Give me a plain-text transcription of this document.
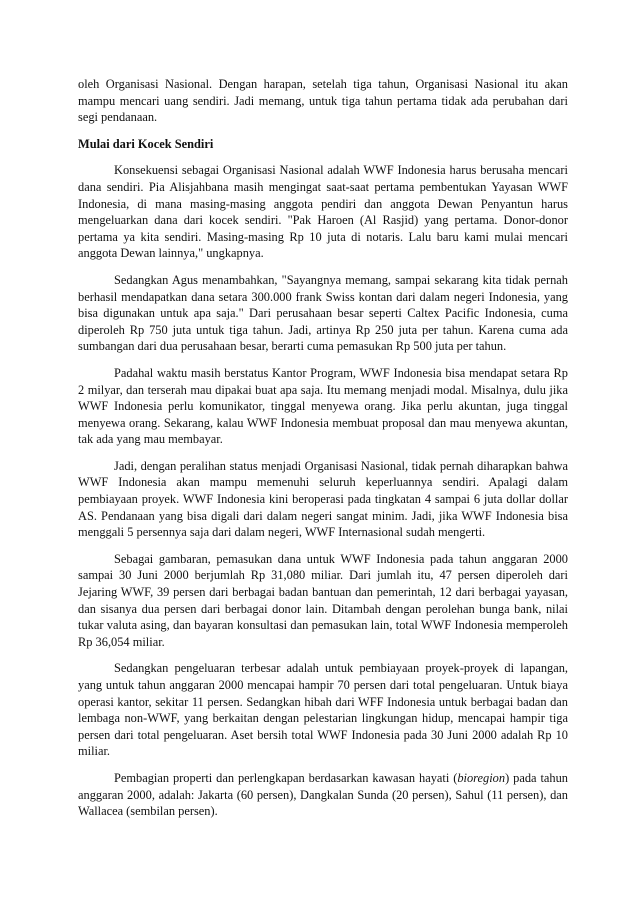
oleh Organisasi Nasional. Dengan harapan, setelah tiga tahun, Organisasi Nasional itu akan mampu mencari uang sendiri. Jadi memang, untuk tiga tahun pertama tidak ada perubahan dari segi pendanaan.

Mulai dari Kocek Sendiri

Konsekuensi sebagai Organisasi Nasional adalah WWF Indonesia harus berusaha mencari dana sendiri. Pia Alisjahbana masih mengingat saat-saat pertama pembentukan Yayasan WWF Indonesia, di mana masing-masing anggota pendiri dan anggota Dewan Penyantun harus mengeluarkan dana dari kocek sendiri. "Pak Haroen (Al Rasjid) yang pertama. Donor-donor pertama ya kita sendiri. Masing-masing Rp 10 juta di notaris. Lalu baru kami mulai mencari anggota Dewan lainnya," ungkapnya.

Sedangkan Agus menambahkan, "Sayangnya memang, sampai sekarang kita tidak pernah berhasil mendapatkan dana setara 300.000 frank Swiss kontan dari dalam negeri Indonesia, yang bisa digunakan untuk apa saja." Dari perusahaan besar seperti Caltex Pacific Indonesia, cuma diperoleh Rp 750 juta untuk tiga tahun. Jadi, artinya Rp 250 juta per tahun. Karena cuma ada sumbangan dari dua perusahaan besar, berarti cuma pemasukan Rp 500 juta per tahun.

Padahal waktu masih berstatus Kantor Program, WWF Indonesia bisa mendapat setara Rp 2 milyar, dan terserah mau dipakai buat apa saja. Itu memang menjadi modal. Misalnya, dulu jika WWF Indonesia perlu komunikator, tinggal menyewa orang. Jika perlu akuntan, juga tinggal menyewa orang. Sekarang, kalau WWF Indonesia membuat proposal dan mau menyewa akuntan, tak ada yang mau membayar.

Jadi, dengan peralihan status menjadi Organisasi Nasional, tidak pernah diharapkan bahwa WWF Indonesia akan mampu memenuhi seluruh keperluannya sendiri. Apalagi dalam pembiayaan proyek. WWF Indonesia kini beroperasi pada tingkatan 4 sampai 6 juta dollar dollar AS. Pendanaan yang bisa digali dari dalam negeri sangat minim. Jadi, jika WWF Indonesia bisa menggali 5 persennya saja dari dalam negeri, WWF Internasional sudah mengerti.

Sebagai gambaran, pemasukan dana untuk WWF Indonesia pada tahun anggaran 2000 sampai 30 Juni 2000 berjumlah Rp 31,080 miliar. Dari jumlah itu, 47 persen diperoleh dari Jejaring WWF, 39 persen dari berbagai badan bantuan dan pemerintah, 12 dari berbagai yayasan, dan sisanya dua persen dari berbagai donor lain. Ditambah dengan perolehan bunga bank, nilai tukar valuta asing, dan bayaran konsultasi dan pemasukan lain, total WWF Indonesia memperoleh Rp 36,054 miliar.

Sedangkan pengeluaran terbesar adalah untuk pembiayaan proyek-proyek di lapangan, yang untuk tahun anggaran 2000 mencapai hampir 70 persen dari total pengeluaran. Untuk biaya operasi kantor, sekitar 11 persen. Sedangkan hibah dari WFF Indonesia untuk berbagai badan dan lembaga non-WWF, yang berkaitan dengan pelestarian lingkungan hidup, mencapai hampir tiga persen dari total pengeluaran. Aset bersih total WWF Indonesia pada 30 Juni 2000 adalah Rp 10 miliar.

Pembagian properti dan perlengkapan berdasarkan kawasan hayati (bioregion) pada tahun anggaran 2000, adalah: Jakarta (60 persen), Dangkalan Sunda (20 persen), Sahul (11 persen), dan Wallacea (sembilan persen).
